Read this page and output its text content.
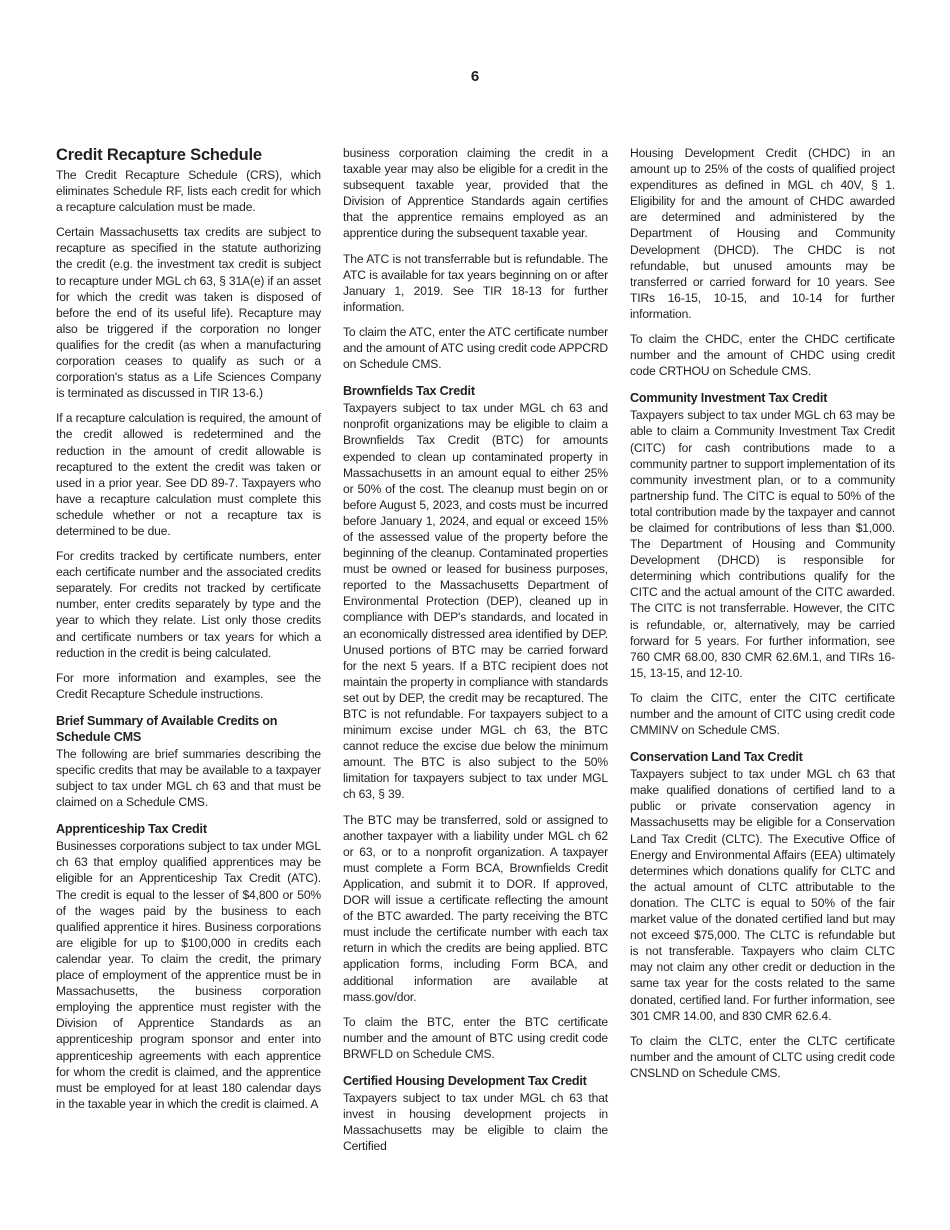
6
Credit Recapture Schedule

The Credit Recapture Schedule (CRS), which eliminates Schedule RF, lists each credit for which a recapture calculation must be made.

Certain Massachusetts tax credits are subject to recapture as specified in the statute authorizing the credit (e.g. the investment tax credit is subject to recapture under MGL ch 63, § 31A(e) if an asset for which the credit was taken is disposed of before the end of its useful life). Recapture may also be triggered if the corporation no longer qualifies for the credit (as when a manufacturing corporation ceases to qualify as such or a corporation's status as a Life Sciences Company is terminated as discussed in TIR 13-6.)

If a recapture calculation is required, the amount of the credit allowed is redetermined and the reduction in the amount of credit allowable is recaptured to the extent the credit was taken or used in a prior year. See DD 89-7. Taxpayers who have a recapture calculation must complete this schedule whether or not a recapture tax is determined to be due.

For credits tracked by certificate numbers, enter each certificate number and the associated credits separately. For credits not tracked by certificate number, enter credits separately by type and the year to which they relate. List only those credits and certificate numbers or tax years for which a reduction in the credit is being calculated.

For more information and examples, see the Credit Recapture Schedule instructions.

Brief Summary of Available Credits on Schedule CMS

The following are brief summaries describing the specific credits that may be available to a taxpayer subject to tax under MGL ch 63 and that must be claimed on a Schedule CMS.

Apprenticeship Tax Credit

Businesses corporations subject to tax under MGL ch 63 that employ qualified apprentices may be eligible for an Apprenticeship Tax Credit (ATC). The credit is equal to the lesser of $4,800 or 50% of the wages paid by the business to each qualified apprentice it hires. Business corporations are eligible for up to $100,000 in credits each calendar year. To claim the credit, the primary place of employment of the apprentice must be in Massachusetts, the business corporation employing the apprentice must register with the Division of Apprentice Standards as an apprenticeship program sponsor and enter into apprenticeship agreements with each apprentice for whom the credit is claimed, and the apprentice must be employed for at least 180 calendar days in the taxable year in which the credit is claimed. A

business corporation claiming the credit in a taxable year may also be eligible for a credit in the subsequent taxable year, provided that the Division of Apprentice Standards again certifies that the apprentice remains employed as an apprentice during the subsequent taxable year.

The ATC is not transferrable but is refundable. The ATC is available for tax years beginning on or after January 1, 2019. See TIR 18-13 for further information.

To claim the ATC, enter the ATC certificate number and the amount of ATC using credit code APPCRD on Schedule CMS.

Brownfields Tax Credit

Taxpayers subject to tax under MGL ch 63 and nonprofit organizations may be eligible to claim a Brownfields Tax Credit (BTC) for amounts expended to clean up contaminated property in Massachusetts in an amount equal to either 25% or 50% of the cost. The cleanup must begin on or before August 5, 2023, and costs must be incurred before January 1, 2024, and equal or exceed 15% of the assessed value of the property before the beginning of the cleanup. Contaminated properties must be owned or leased for business purposes, reported to the Massachusetts Department of Environmental Protection (DEP), cleaned up in compliance with DEP's standards, and located in an economically distressed area identified by DEP. Unused portions of BTC may be carried forward for the next 5 years. If a BTC recipient does not maintain the property in compliance with standards set out by DEP, the credit may be recaptured. The BTC is not refundable. For taxpayers subject to a minimum excise under MGL ch 63, the BTC cannot reduce the excise due below the minimum amount. The BTC is also subject to the 50% limitation for taxpayers subject to tax under MGL ch 63, § 39.

The BTC may be transferred, sold or assigned to another taxpayer with a liability under MGL ch 62 or 63, or to a nonprofit organization. A taxpayer must complete a Form BCA, Brownfields Credit Application, and submit it to DOR. If approved, DOR will issue a certificate reflecting the amount of the BTC awarded. The party receiving the BTC must include the certificate number with each tax return in which the credits are being applied. BTC application forms, including Form BCA, and additional information are available at mass.gov/dor.

To claim the BTC, enter the BTC certificate number and the amount of BTC using credit code BRWFLD on Schedule CMS.

Certified Housing Development Tax Credit

Taxpayers subject to tax under MGL ch 63 that invest in housing development projects in Massachusetts may be eligible to claim the Certified

Housing Development Credit (CHDC) in an amount up to 25% of the costs of qualified project expenditures as defined in MGL ch 40V, § 1. Eligibility for and the amount of CHDC awarded are determined and administered by the Department of Housing and Community Development (DHCD). The CHDC is not refundable, but unused amounts may be transferred or carried forward for 10 years. See TIRs 16-15, 10-15, and 10-14 for further information.

To claim the CHDC, enter the CHDC certificate number and the amount of CHDC using credit code CRTHOU on Schedule CMS.

Community Investment Tax Credit

Taxpayers subject to tax under MGL ch 63 may be able to claim a Community Investment Tax Credit (CITC) for cash contributions made to a community partner to support implementation of its community investment plan, or to a community partnership fund. The CITC is equal to 50% of the total contribution made by the taxpayer and cannot be claimed for contributions of less than $1,000. The Department of Housing and Community Development (DHCD) is responsible for determining which contributions qualify for the CITC and the actual amount of the CITC awarded. The CITC is not transferrable. However, the CITC is refundable, or, alternatively, may be carried forward for 5 years. For further information, see 760 CMR 68.00, 830 CMR 62.6M.1, and TIRs 16-15, 13-15, and 12-10.

To claim the CITC, enter the CITC certificate number and the amount of CITC using credit code CMMINV on Schedule CMS.

Conservation Land Tax Credit

Taxpayers subject to tax under MGL ch 63 that make qualified donations of certified land to a public or private conservation agency in Massachusetts may be eligible for a Conservation Land Tax Credit (CLTC). The Executive Office of Energy and Environmental Affairs (EEA) ultimately determines which donations qualify for CLTC and the actual amount of CLTC attributable to the donation. The CLTC is equal to 50% of the fair market value of the donated certified land but may not exceed $75,000. The CLTC is refundable but is not transferable. Taxpayers who claim CLTC may not claim any other credit or deduction in the same tax year for the costs related to the same donated, certified land. For further information, see 301 CMR 14.00, and 830 CMR 62.6.4.

To claim the CLTC, enter the CLTC certificate number and the amount of CLTC using credit code CNSLND on Schedule CMS.
